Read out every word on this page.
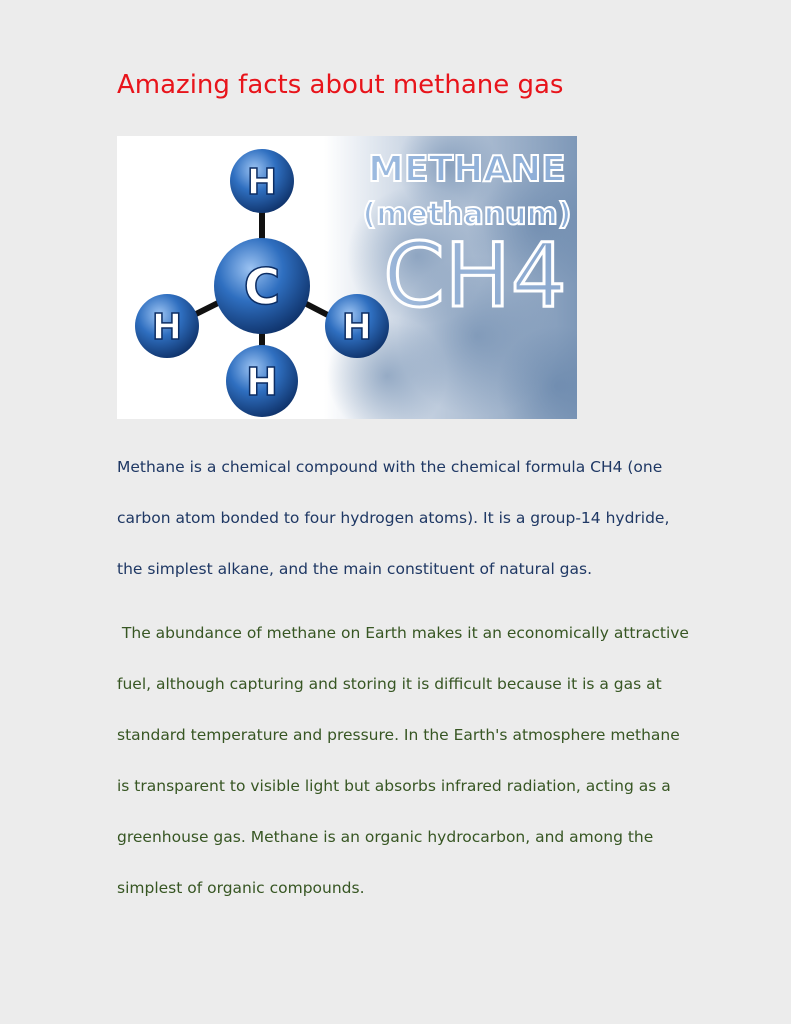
Amazing facts about methane gas
H
H	H
H
C
METHANE
(methanum)
CH4

Methane is a chemical compound with the chemical formula CH4 (one
carbon atom bonded to four hydrogen atoms). It is a group-14 hydride,
the simplest alkane, and the main constituent of natural gas.

The abundance of methane on Earth makes it an economically attractive
fuel, although capturing and storing it is difficult because it is a gas at
standard temperature and pressure. In the Earth's atmosphere methane
is transparent to visible light but absorbs infrared radiation, acting as a
greenhouse gas. Methane is an organic hydrocarbon, and among the
simplest of organic compounds.
